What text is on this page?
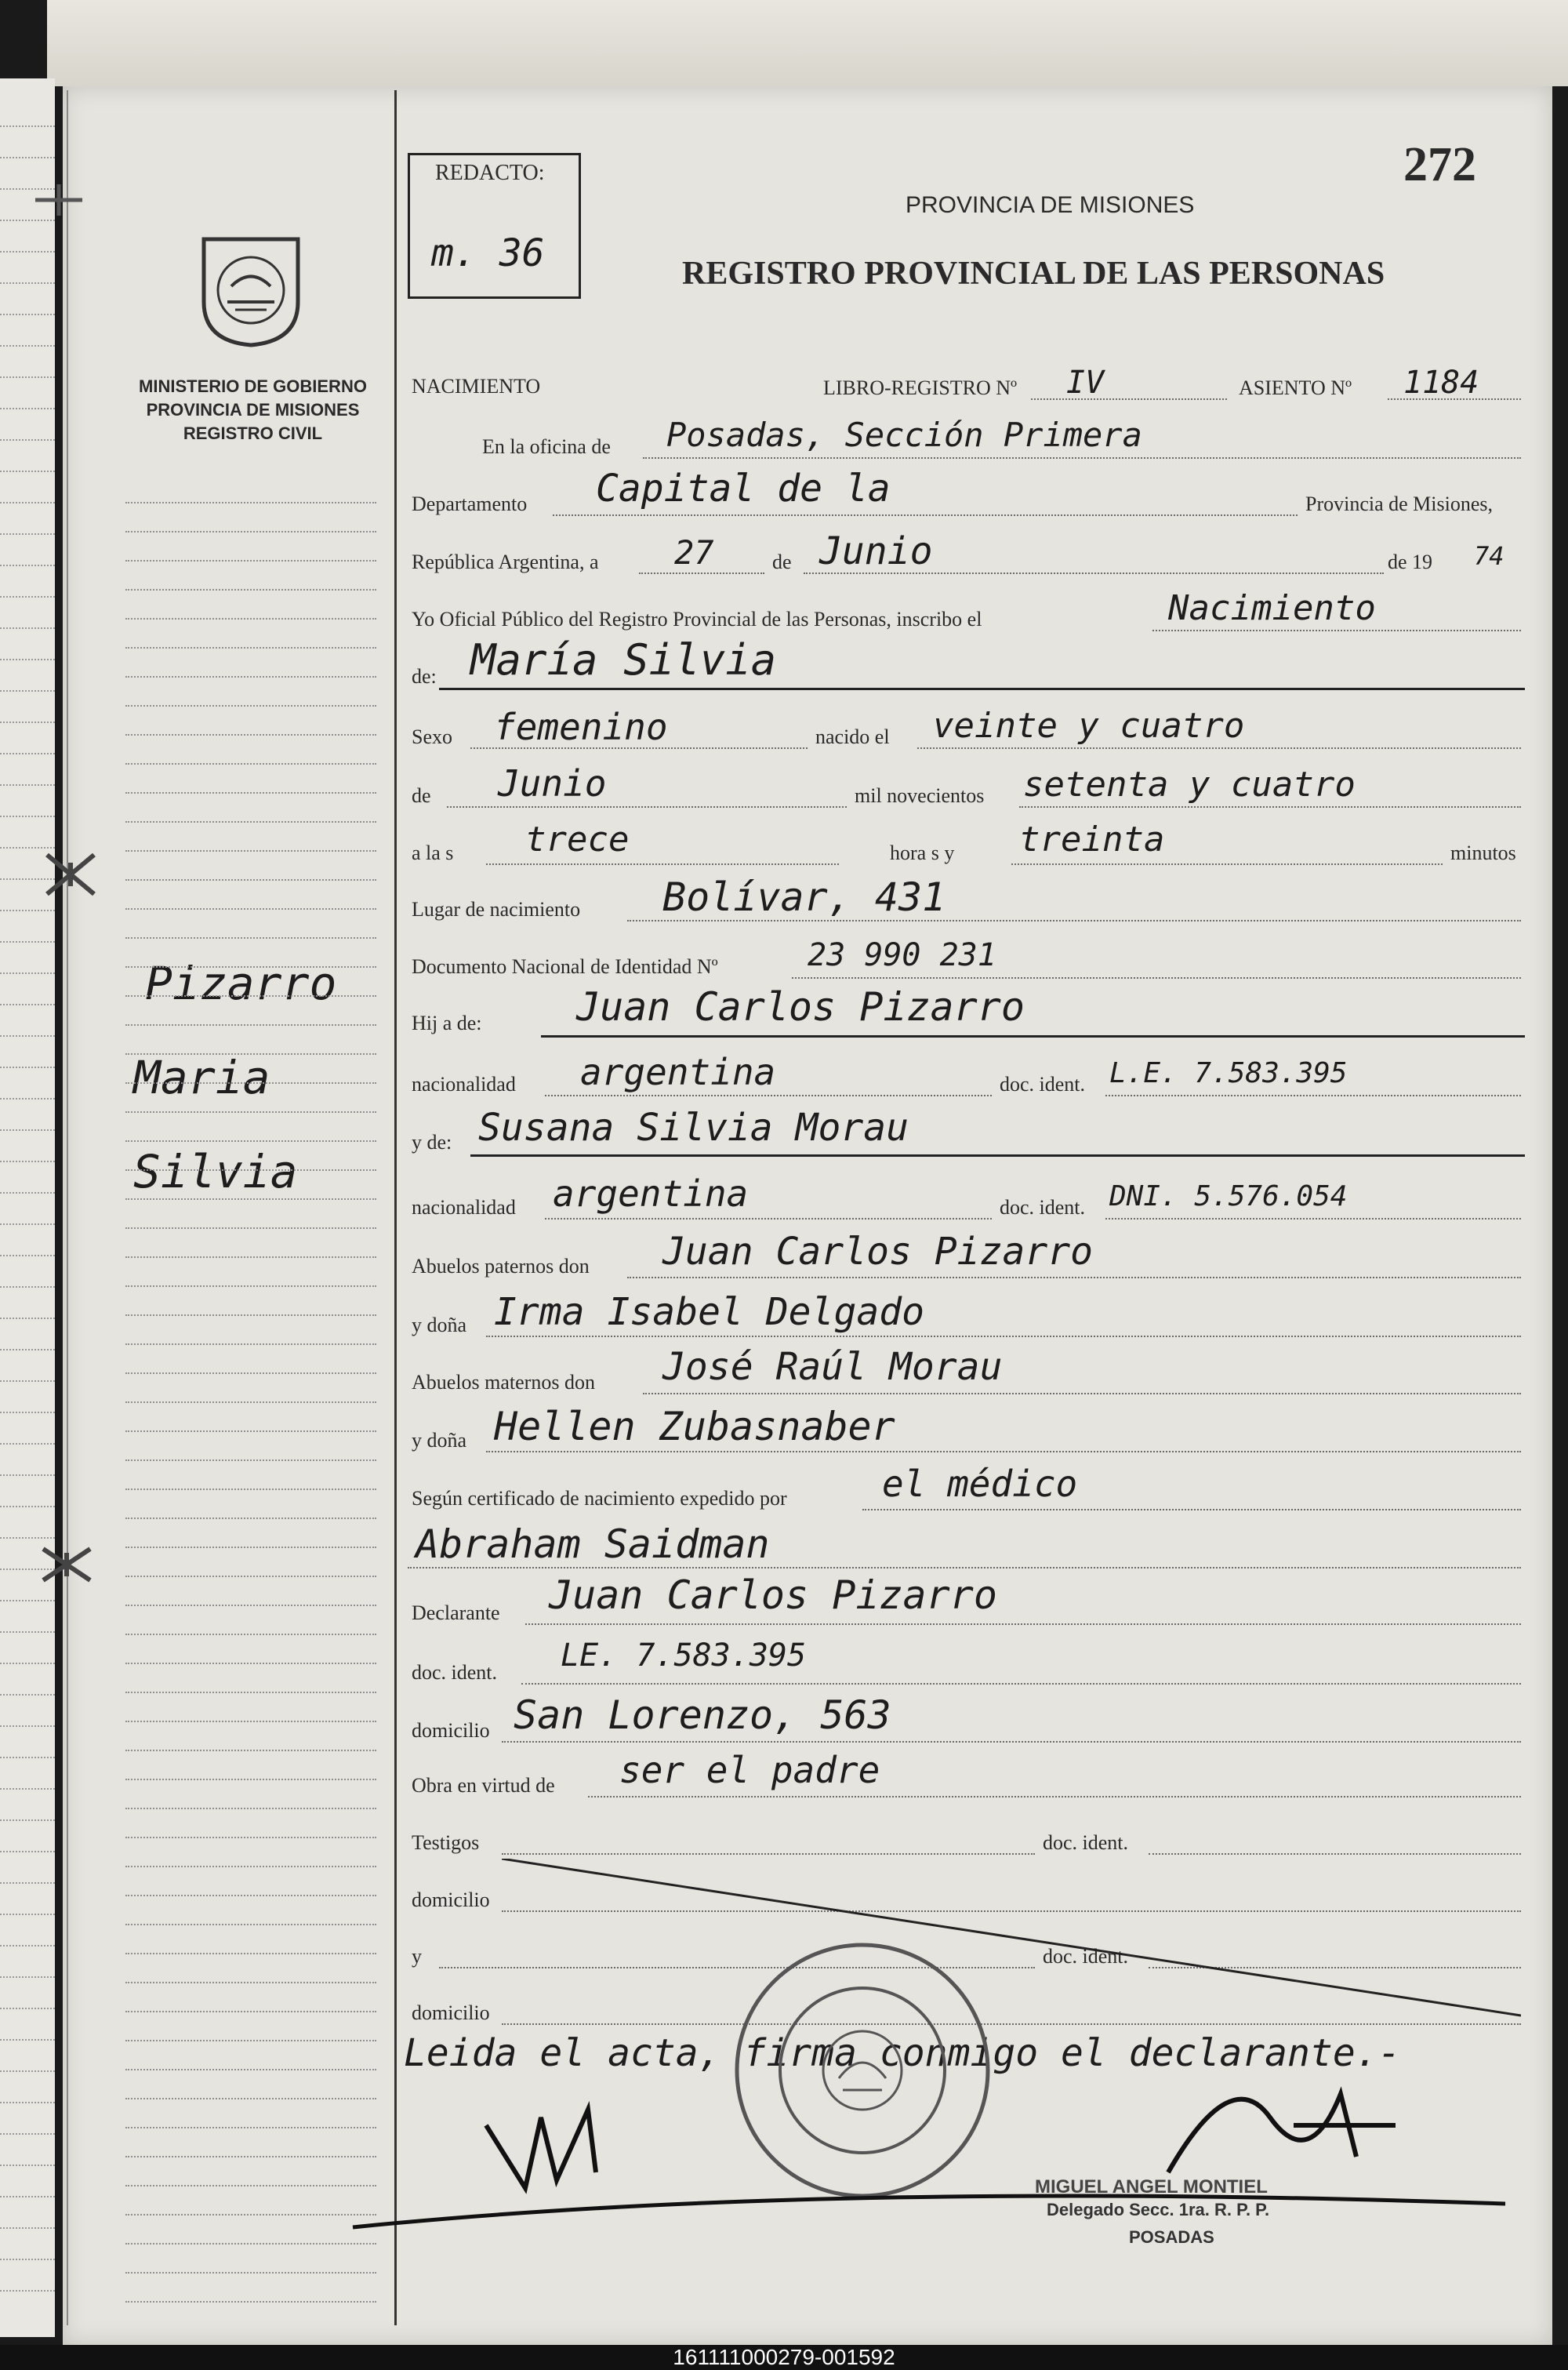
MINISTERIO DE GOBIERNO
PROVINCIA DE MISIONES
REGISTRO CIVIL
Pizarro
Maria
Silvia
REDACTO:
m. 36
272
PROVINCIA DE MISIONES
REGISTRO PROVINCIAL DE LAS PERSONAS
NACIMIENTO	LIBRO-REGISTRO Nº IV	ASIENTO Nº 1184
En la oficina de Posadas, Sección Primera
Departamento Capital de la	Provincia de Misiones,
República Argentina, a 27	de Junio	de 19 74
Yo Oficial Público del Registro Provincial de las Personas, inscribo el	Nacimiento
de: María Silvia
Sexo femenino	nacido el veinte y cuatro
de Junio	mil novecientos setenta y cuatro
a la s trece	hora s y treinta	minutos
Lugar de nacimiento Bolívar, 431
Documento Nacional de Identidad Nº	23 990 231
Hij a de: Juan Carlos Pizarro
nacionalidad argentina	doc. ident. L.E. 7.583.395
y de: Susana Silvia Morau
nacionalidad argentina	doc. ident. DNI. 5.576.054
Abuelos paternos don Juan Carlos Pizarro
y doña Irma Isabel Delgado
Abuelos maternos don José Raúl Morau
y doña Hellen Zubasnaber
Según certificado de nacimiento expedido por	el médico
Abraham Saidman
Declarante Juan Carlos Pizarro
doc. ident. LE. 7.583.395
domicilio San Lorenzo, 563
Obra en virtud de ser el padre
Testigos	doc. ident.
domicilio
y	doc. ident.
domicilio
Leida el acta, firma conmigo el declarante.-
MIGUEL ANGEL MONTIEL
Delegado Secc. 1ra. R. P. P.
POSADAS
161111000279-001592
